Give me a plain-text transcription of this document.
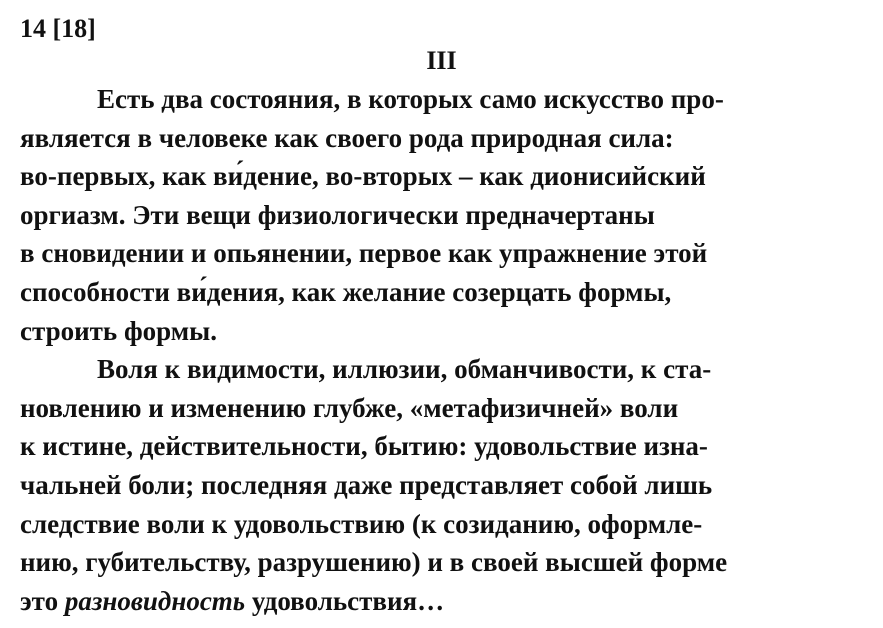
14 [18]
III
Есть два состояния, в которых само искусство про-
является в человеке как своего рода природная сила:
во-первых, как ви́дение, во-вторых – как дионисийский
оргиазм. Эти вещи физиологически предначертаны
в сновидении и опьянении, первое как упражнение этой
способности ви́дения, как желание созерцать формы,
строить формы.
Воля к видимости, иллюзии, обманчивости, к ста-
новлению и изменению глубже, «метафизичней» воли
к истине, действительности, бытию: удовольствие изна-
чальней боли; последняя даже представляет собой лишь
следствие воли к удовольствию (к созиданию, оформле-
нию, губительству, разрушению) и в своей высшей форме
это разновидность удовольствия…
